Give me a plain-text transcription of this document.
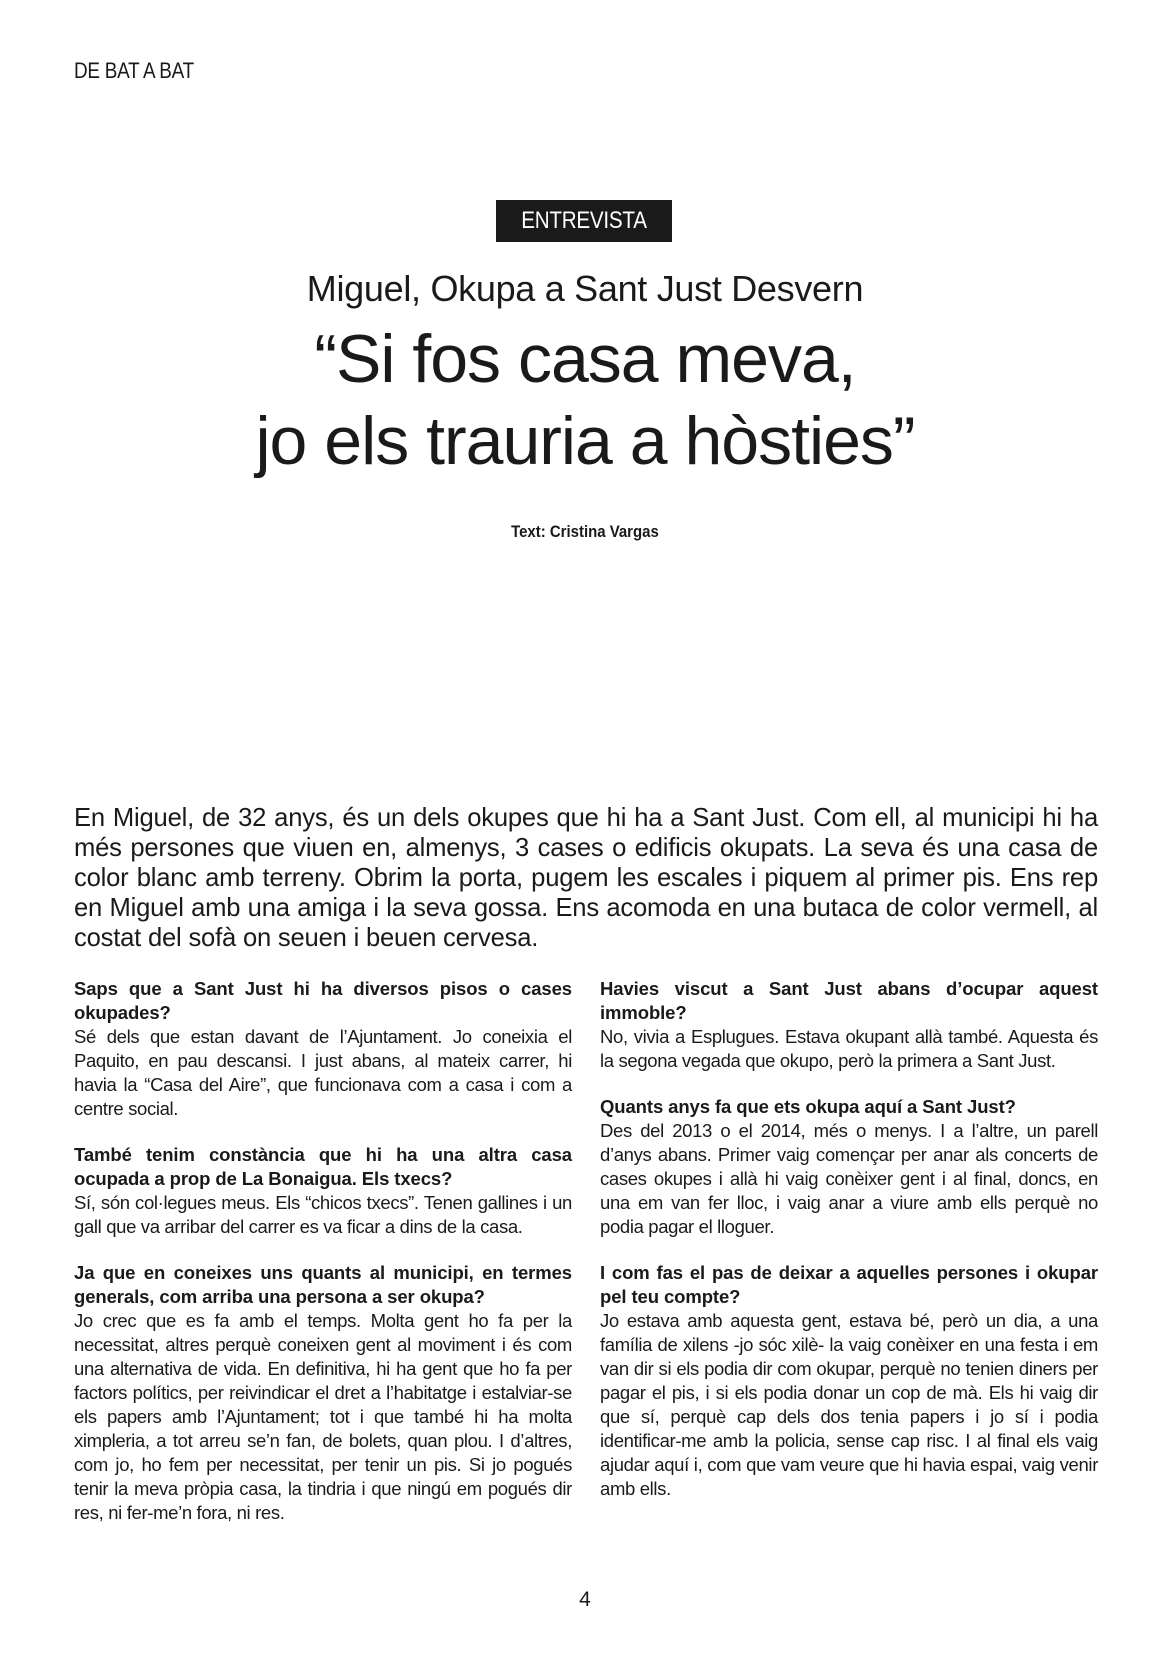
DE BAT A BAT
ENTREVISTA
Miguel, Okupa a Sant Just Desvern
“Si fos casa meva,
jo els trauria a hòsties”
Text: Cristina Vargas

En Miguel, de 32 anys, és un dels okupes que hi ha a Sant Just. Com ell, al municipi hi ha més persones que viuen en, almenys, 3 cases o edificis okupats. La seva és una casa de color blanc amb terreny. Obrim la porta, pugem les escales i piquem al primer pis. Ens rep en Miguel amb una amiga i la seva gossa. Ens acomoda en una butaca de color vermell, al costat del sofà on seuen i beuen cervesa.

Saps que a Sant Just hi ha diversos pisos o cases okupades?

Sé dels que estan davant de l’Ajuntament. Jo coneixia el Paquito, en pau descansi. I just abans, al mateix carrer, hi havia la “Casa del Aire”, que funcionava com a casa i com a centre social.

També tenim constància que hi ha una altra casa ocupada a prop de La Bonaigua. Els txecs?

Sí, són col·legues meus. Els “chicos txecs”. Tenen gallines i un gall que va arribar del carrer es va ficar a dins de la casa.

Ja que en coneixes uns quants al municipi, en termes generals, com arriba una persona a ser okupa?

Jo crec que es fa amb el temps. Molta gent ho fa per la necessitat, altres perquè coneixen gent al moviment i és com una alternativa de vida. En definitiva, hi ha gent que ho fa per factors polítics, per reivindicar el dret a l’habitatge i estalviar-se els papers amb l’Ajuntament; tot i que també hi ha molta ximpleria, a tot arreu se’n fan, de bolets, quan plou. I d’altres, com jo, ho fem per necessitat, per tenir un pis. Si jo pogués tenir la meva pròpia casa, la tindria i que ningú em pogués dir res, ni fer-me’n fora, ni res.

Havies viscut a Sant Just abans d’ocupar aquest immoble?

No, vivia a Esplugues. Estava okupant allà també. Aquesta és la segona vegada que okupo, però la primera a Sant Just.

Quants anys fa que ets okupa aquí a Sant Just?

Des del 2013 o el 2014, més o menys. I a l’altre, un parell d’anys abans. Primer vaig començar per anar als concerts de cases okupes i allà hi vaig conèixer gent i al final, doncs, en una em van fer lloc, i vaig anar a viure amb ells perquè no podia pagar el lloguer.

I com fas el pas de deixar a aquelles persones i okupar pel teu compte?

Jo estava amb aquesta gent, estava bé, però un dia, a una família de xilens -jo sóc xilè- la vaig conèixer en una festa i em van dir si els podia dir com okupar, perquè no tenien diners per pagar el pis, i si els podia donar un cop de mà. Els hi vaig dir que sí, perquè cap dels dos tenia papers i jo sí i podia identificar-me amb la policia, sense cap risc. I al final els vaig ajudar aquí i, com que vam veure que hi havia espai, vaig venir amb ells.

4
